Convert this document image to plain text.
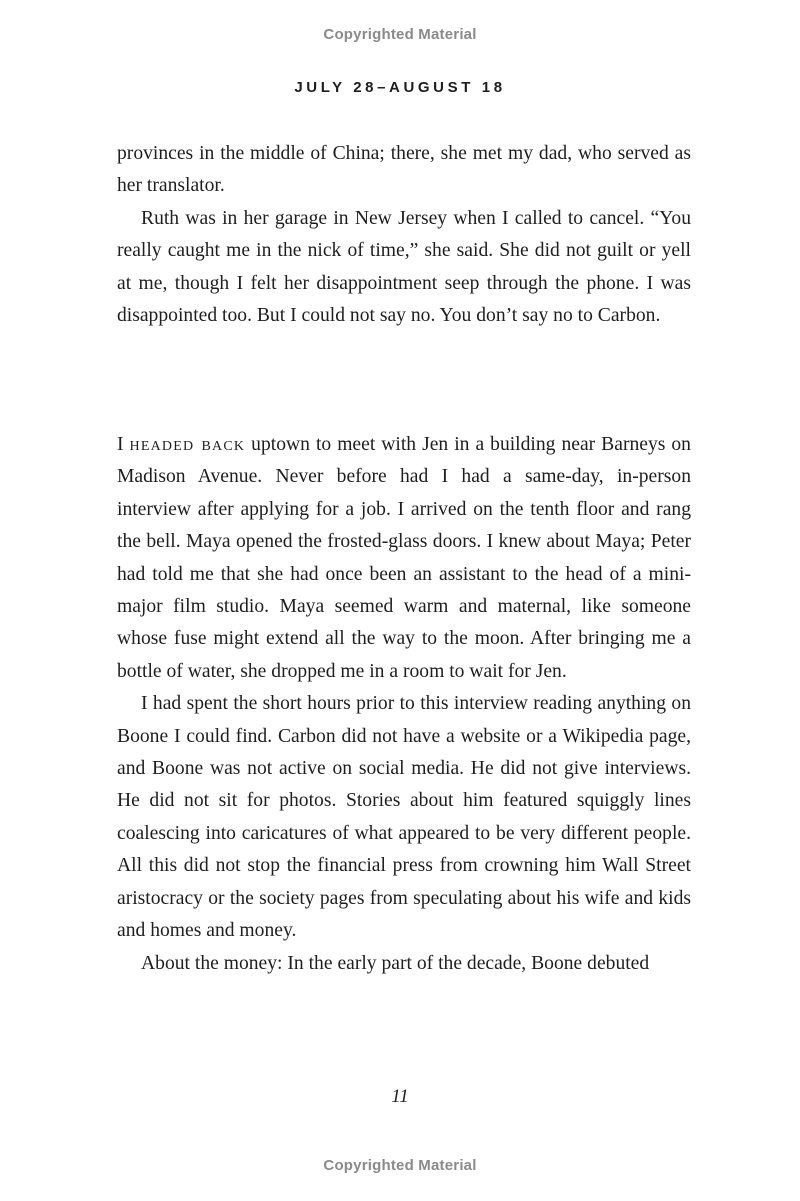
Copyrighted Material
JULY 28–AUGUST 18

provinces in the middle of China; there, she met my dad, who served as her translator.

Ruth was in her garage in New Jersey when I called to cancel. “You really caught me in the nick of time,” she said. She did not guilt or yell at me, though I felt her disappointment seep through the phone. I was disappointed too. But I could not say no. You don’t say no to Carbon.

I headed back uptown to meet with Jen in a building near Barneys on Madison Avenue. Never before had I had a same-day, in-person interview after applying for a job. I arrived on the tenth floor and rang the bell. Maya opened the frosted-glass doors. I knew about Maya; Peter had told me that she had once been an assistant to the head of a mini-major film studio. Maya seemed warm and maternal, like someone whose fuse might extend all the way to the moon. After bringing me a bottle of water, she dropped me in a room to wait for Jen.

I had spent the short hours prior to this interview reading anything on Boone I could find. Carbon did not have a website or a Wikipedia page, and Boone was not active on social media. He did not give interviews. He did not sit for photos. Stories about him featured squiggly lines coalescing into caricatures of what appeared to be very different people. All this did not stop the financial press from crowning him Wall Street aristocracy or the society pages from speculating about his wife and kids and homes and money.

About the money: In the early part of the decade, Boone debuted

11
Copyrighted Material
